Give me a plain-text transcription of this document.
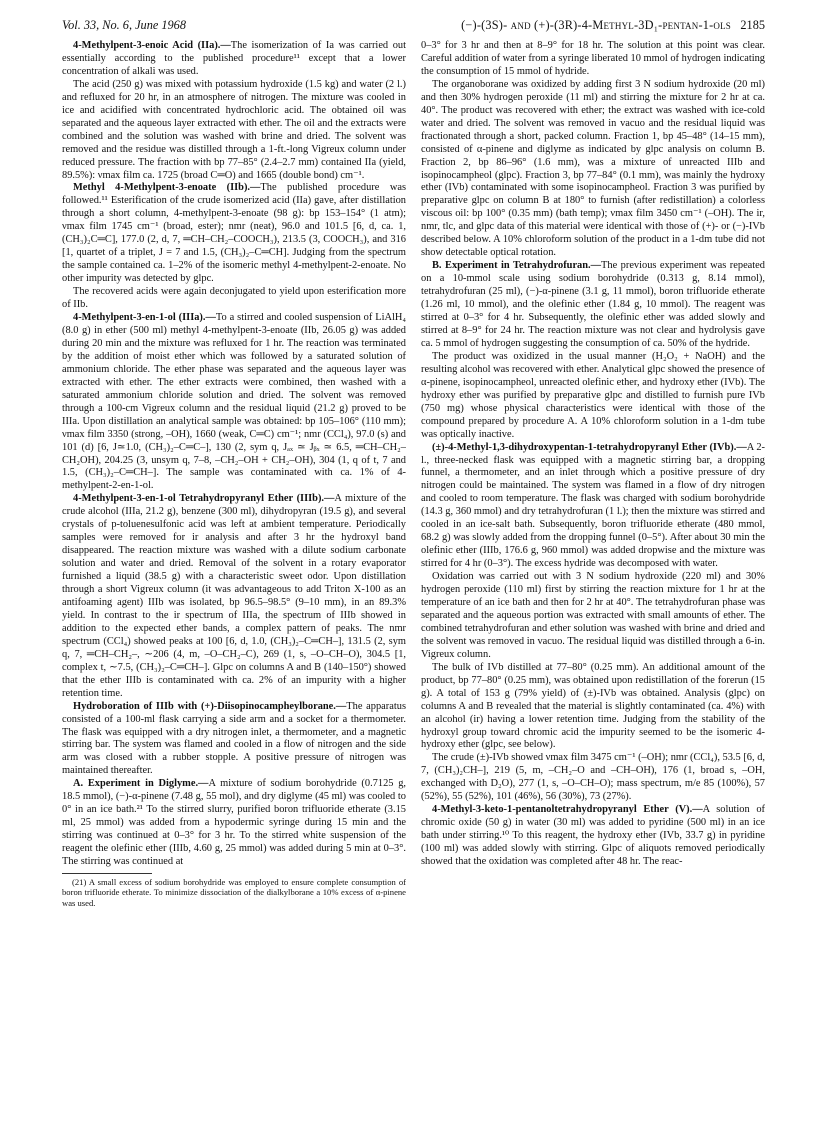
Vol. 33, No. 6, June 1968	(−)-(3S)- and (+)-(3R)-4-Methyl-3D₁-pentan-1-ols 2185

4-Methylpent-3-enoic Acid (IIa).—The isomerization of Ia was carried out essentially according to the published procedure¹¹ except that a lower concentration of alkali was used.

The acid (250 g) was mixed with potassium hydroxide (1.5 kg) and water (2 l.) and refluxed for 20 hr, in an atmosphere of nitrogen. The mixture was cooled in ice and acidified with concentrated hydrochloric acid. The obtained oil was separated and the aqueous layer extracted with ether. The oil and the extracts were combined and the solution was washed with brine and dried. The solvent was removed and the residue was distilled through a 1-ft.-long Vigreux column under reduced pressure. The fraction with bp 77–85° (2.4–2.7 mm) contained IIa (yield, 89.5%): νmax film ca. 1725 (broad C═O) and 1665 (double bond) cm⁻¹.

Methyl 4-Methylpent-3-enoate (IIb).—The published procedure was followed.¹¹ Esterification of the crude isomerized acid (IIa) gave, after distillation through a short column, 4-methylpent-3-enoate (98 g): bp 153–154° (1 atm); νmax film 1745 cm⁻¹ (broad, ester); nmr (neat), 96.0 and 101.5 [6, d, ca. 1, (CH₃)₂C═C], 177.0 (2, d, 7, ═CH–CH₂–COOCH₃), 213.5 (3, COOCH₃), and 316 [1, quartet of a triplet, J = 7 and 1.5, (CH₃)₂–C═CH]. Judging from the spectrum the sample contained ca. 1–2% of the isomeric methyl 4-methylpent-2-enoate. No other impurity was detected by glpc.

The recovered acids were again deconjugated to yield upon esterification more of IIb.

4-Methylpent-3-en-1-ol (IIIa).—To a stirred and cooled suspension of LiAlH₄ (8.0 g) in ether (500 ml) methyl 4-methylpent-3-enoate (IIb, 26.05 g) was added during 20 min and the mixture was refluxed for 1 hr. The reaction was terminated by the addition of moist ether which was followed by a saturated solution of ammonium chloride. The ether phase was separated and the aqueous layer was extracted with ether. The ether extracts were combined, then washed with a saturated ammonium chloride solution and dried. The solvent was removed through a 100-cm Vigreux column and the residual liquid (21.2 g) proved to be IIIa. Upon distillation an analytical sample was obtained: bp 105–106° (110 mm); νmax film 3350 (strong, –OH), 1660 (weak, C═C) cm⁻¹; nmr (CCl₄), 97.0 (s) and 101 (d) [6, J≃1.0, (CH₃)₂–C═C–], 130 (2, sym q, Jₐₓ ≃ Jᵦₓ ≃ 6.5, ═CH–CH₂–CH₂OH), 204.25 (3, unsym q, 7–8, –CH₂–OH + CH₂–OH), 304 (1, q of t, 7 and 1.5, (CH₃)₂–C═CH–]. The sample was contaminated with ca. 1% of 4-methylpent-2-en-1-ol.

4-Methylpent-3-en-1-ol Tetrahydropyranyl Ether (IIIb).—A mixture of the crude alcohol (IIIa, 21.2 g), benzene (300 ml), dihydropyran (19.5 g), and several crystals of p-toluenesulfonic acid was left at ambient temperature. Periodically samples were removed for ir analysis and after 3 hr the hydroxyl band disappeared. The reaction mixture was washed with a dilute sodium carbonate solution and water and dried. Removal of the solvent in a rotary evaporator furnished a liquid (38.5 g) with a characteristic sweet odor. Upon distillation through a short Vigreux column (it was advantageous to add Triton X-100 as an antifoaming agent) IIIb was isolated, bp 96.5–98.5° (9–10 mm), in an 89.3% yield. In contrast to the ir spectrum of IIIa, the spectrum of IIIb showed in addition to the expected ether bands, a complex pattern of peaks. The nmr spectrum (CCl₄) showed peaks at 100 [6, d, 1.0, (CH₃)₂–C═CH–], 131.5 (2, sym q, 7, ═CH–CH₂–, ∼206 (4, m, –O–CH₂–C), 269 (1, s, –O–CH–O), 304.5 [1, complex t, ∼7.5, (CH₃)₂–C═CH–]. Glpc on columns A and B (140–150°) showed that the ether IIIb is contaminated with ca. 2% of an impurity with a higher retention time.

Hydroboration of IIIb with (+)-Diisopinocampheylborane.—The apparatus consisted of a 100-ml flask carrying a side arm and a socket for a thermometer. The flask was equipped with a dry nitrogen inlet, a thermometer, and a magnetic stirring bar. The system was flamed and cooled in a flow of nitrogen and the side arm was closed with a rubber stopple. A positive pressure of nitrogen was maintained thereafter.

A. Experiment in Diglyme.—A mixture of sodium borohydride (0.7125 g, 18.5 mmol), (−)-α-pinene (7.48 g, 55 mol), and dry diglyme (45 ml) was cooled to 0° in an ice bath.²¹ To the stirred slurry, purified boron trifluoride etherate (3.15 ml, 25 mmol) was added from a hypodermic syringe during 15 min and the stirring was continued at 0–3° for 3 hr. To the stirred white suspension of the reagent the olefinic ether (IIIb, 4.60 g, 25 mmol) was added during 5 min at 0–3°. The stirring was continued at

(21) A small excess of sodium borohydride was employed to ensure complete consumption of boron trifluoride etherate. To minimize dissociation of the dialkylborane a 10% excess of α-pinene was used.

0–3° for 3 hr and then at 8–9° for 18 hr. The solution at this point was clear. Careful addition of water from a syringe liberated 10 mmol of hydrogen indicating the consumption of 15 mmol of hydride.

The organoborane was oxidized by adding first 3 N sodium hydroxide (20 ml) and then 30% hydrogen peroxide (11 ml) and stirring the mixture for 2 hr at ca. 40°. The product was recovered with ether; the extract was washed with ice-cold water and dried. The solvent was removed in vacuo and the residual liquid was fractionated through a short, packed column. Fraction 1, bp 45–48° (14–15 mm), consisted of α-pinene and diglyme as indicated by glpc analysis on column B. Fraction 2, bp 86–96° (1.6 mm), was a mixture of unreacted IIIb and isopinocampheol (glpc). Fraction 3, bp 77–84° (0.1 mm), was mainly the hydroxy ether (IVb) contaminated with some isopinocampheol. Fraction 3 was purified by preparative glpc on column B at 180° to furnish (after redistillation) a colorless viscous oil: bp 100° (0.35 mm) (bath temp); νmax film 3450 cm⁻¹ (–OH). The ir, nmr, tlc, and glpc data of this material were identical with those of (+)- or (−)-IVb described below. A 10% chloroform solution of the product in a 1-dm tube did not show detectable optical rotation.

B. Experiment in Tetrahydrofuran.—The previous experiment was repeated on a 10-mmol scale using sodium borohydride (0.313 g, 8.14 mmol), tetrahydrofuran (25 ml), (−)-α-pinene (3.1 g, 11 mmol), boron trifluoride etherate (1.26 ml, 10 mmol), and the olefinic ether (1.84 g, 10 mmol). The reagent was stirred at 0–3° for 4 hr. Subsequently, the olefinic ether was added slowly and stirred at 8–9° for 24 hr. The reaction mixture was not clear and hydrolysis gave ca. 5 mmol of hydrogen suggesting the consumption of ca. 50% of the hydride.

The product was oxidized in the usual manner (H₂O₂ + NaOH) and the resulting alcohol was recovered with ether. Analytical glpc showed the presence of α-pinene, isopinocampheol, unreacted olefinic ether, and hydroxy ether (IVb). The hydroxy ether was purified by preparative glpc and distilled to furnish pure IVb (750 mg) whose physical characteristics were identical with those of the compound prepared by procedure A. A 10% chloroform solution in a 1-dm tube was optically inactive.

(±)-4-Methyl-1,3-dihydroxypentan-1-tetrahydropyranyl Ether (IVb).—A 2-l., three-necked flask was equipped with a magnetic stirring bar, a dropping funnel, a thermometer, and an inlet through which a positive pressure of dry nitrogen could be maintained. The system was flamed in a flow of dry nitrogen and cooled to room temperature. The flask was charged with sodium borohydride (14.3 g, 360 mmol) and dry tetrahydrofuran (1 l.); then the mixture was stirred and cooled in an ice-salt bath. Subsequently, boron trifluoride etherate (480 mmol, 68.2 g) was slowly added from the dropping funnel (0–5°). After about 30 min the olefinic ether (IIIb, 176.6 g, 960 mmol) was added dropwise and the mixture was stirred for 4 hr (0–3°). The excess hydride was decomposed with water.

Oxidation was carried out with 3 N sodium hydroxide (220 ml) and 30% hydrogen peroxide (110 ml) first by stirring the reaction mixture for 1 hr at the temperature of an ice bath and then for 2 hr at 40°. The tetrahydrofuran phase was separated and the aqueous portion was extracted with small amounts of ether. The combined tetrahydrofuran and ether solution was washed with brine and dried and the solvent was removed in vacuo. The residual liquid was distilled through a 6-in. Vigreux column.

The bulk of IVb distilled at 77–80° (0.25 mm). An additional amount of the product, bp 77–80° (0.25 mm), was obtained upon redistillation of the forerun (15 g). A total of 153 g (79% yield) of (±)-IVb was obtained. Analysis (glpc) on columns A and B revealed that the material is slightly contaminated (ca. 4%) with an alcohol (ir) having a lower retention time. Judging from the stability of the hydroxyl group toward chromic acid the impurity seemed to be the isomeric 4-hydroxy ether (glpc, see below).

The crude (±)-IVb showed νmax film 3475 cm⁻¹ (–OH); nmr (CCl₄), 53.5 [6, d, 7, (CH₃)₂CH–], 219 (5, m, –CH₂–O and –CH–OH), 176 (1, broad s, –OH, exchanged with D₂O), 277 (1, s, –O–CH–O); mass spectrum, m/e 85 (100%), 57 (52%), 55 (52%), 101 (46%), 56 (30%), 73 (27%).

4-Methyl-3-keto-1-pentanoltetrahydropyranyl Ether (V).—A solution of chromic oxide (50 g) in water (30 ml) was added to pyridine (500 ml) in an ice bath under stirring.¹⁰ To this reagent, the hydroxy ether (IVb, 33.7 g) in pyridine (100 ml) was added slowly with stirring. Glpc of aliquots removed periodically showed that the oxidation was completed after 48 hr. The reac-
